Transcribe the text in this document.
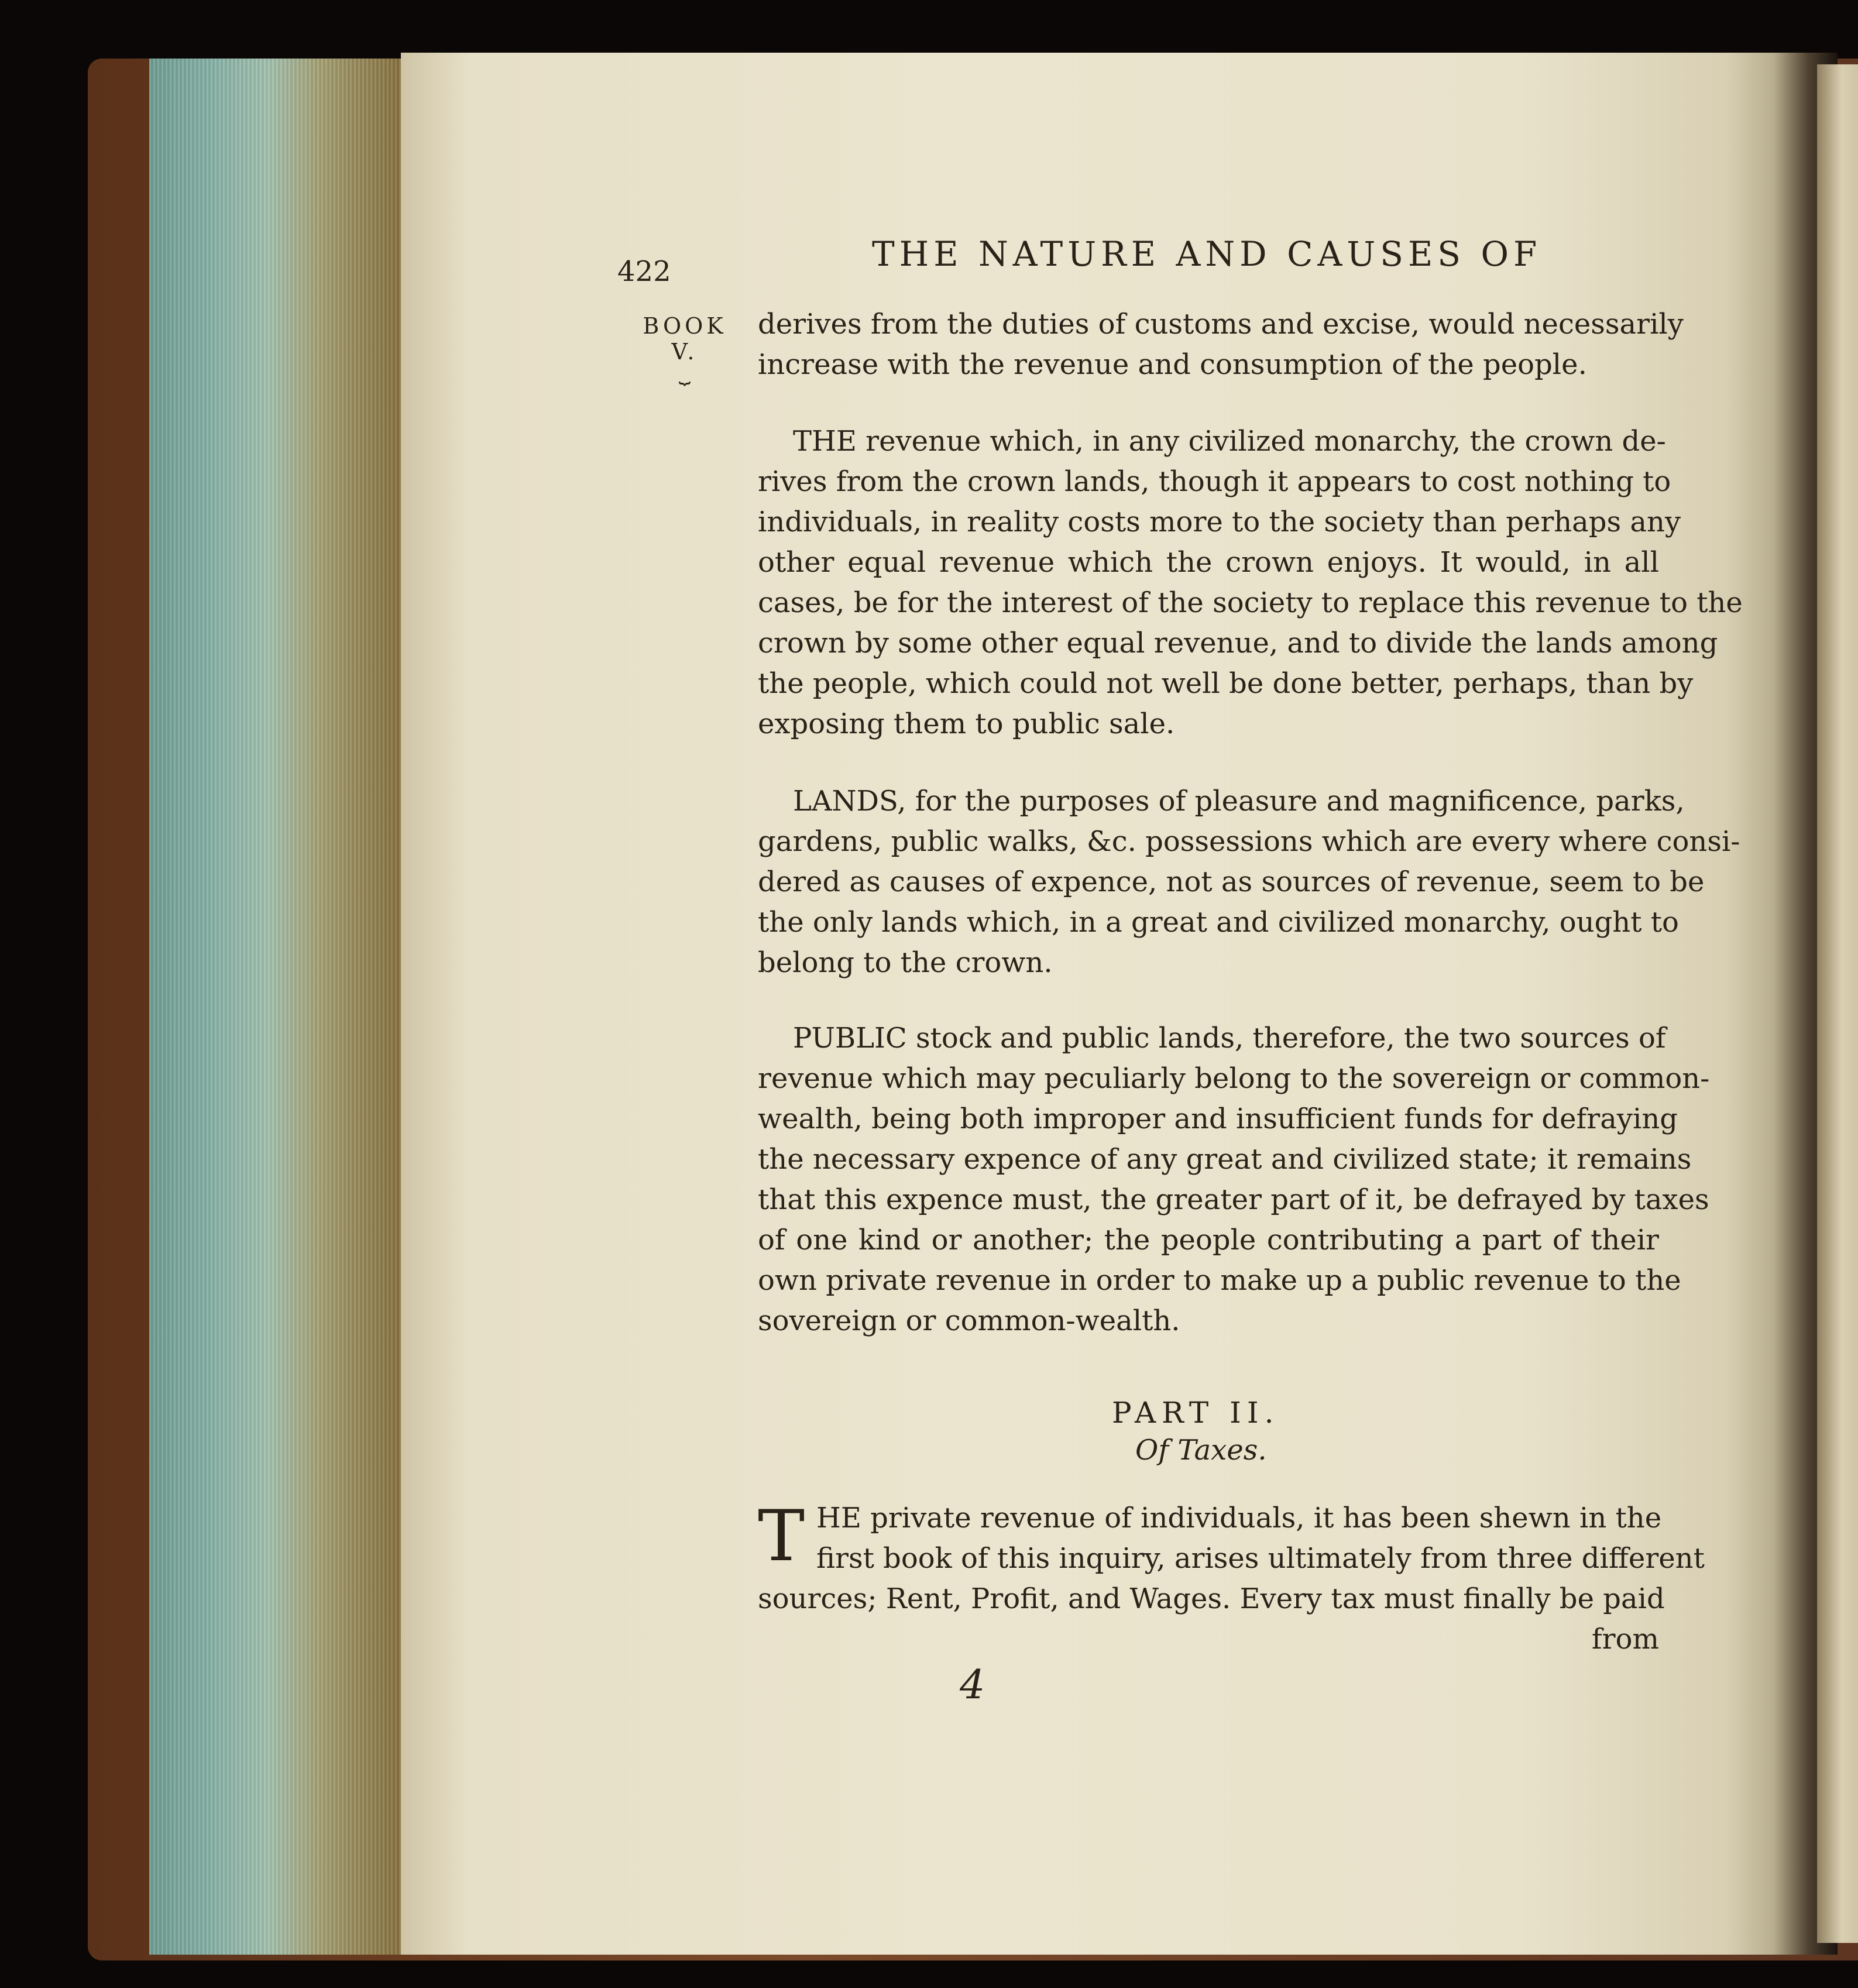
422	THE NATURE AND CAUSES OF
BOOK
V.
⏟
derives from the duties of customs and excise, would necessarily
increase with the revenue and consumption of the people.
THE revenue which, in any civilized monarchy, the crown de-
rives from the crown lands, though it appears to cost nothing to
individuals, in reality costs more to the society than perhaps any
other equal revenue which the crown enjoys. It would, in all
cases, be for the interest of the society to replace this revenue to the
crown by some other equal revenue, and to divide the lands among
the people, which could not well be done better, perhaps, than by
exposing them to public sale.
LANDS, for the purposes of pleasure and magnificence, parks,
gardens, public walks, &c. possessions which are every where consi-
dered as causes of expence, not as sources of revenue, seem to be
the only lands which, in a great and civilized monarchy, ought to
belong to the crown.
PUBLIC stock and public lands, therefore, the two sources of
revenue which may peculiarly belong to the sovereign or common-
wealth, being both improper and insufficient funds for defraying
the necessary expence of any great and civilized state; it remains
that this expence must, the greater part of it, be defrayed by taxes
of one kind or another; the people contributing a part of their
own private revenue in order to make up a public revenue to the
sovereign or common-wealth.
PART II.
Of Taxes.
T HE private revenue of individuals, it has been shewn in the
first book of this inquiry, arises ultimately from three different
sources; Rent, Profit, and Wages. Every tax must finally be paid
from
4
